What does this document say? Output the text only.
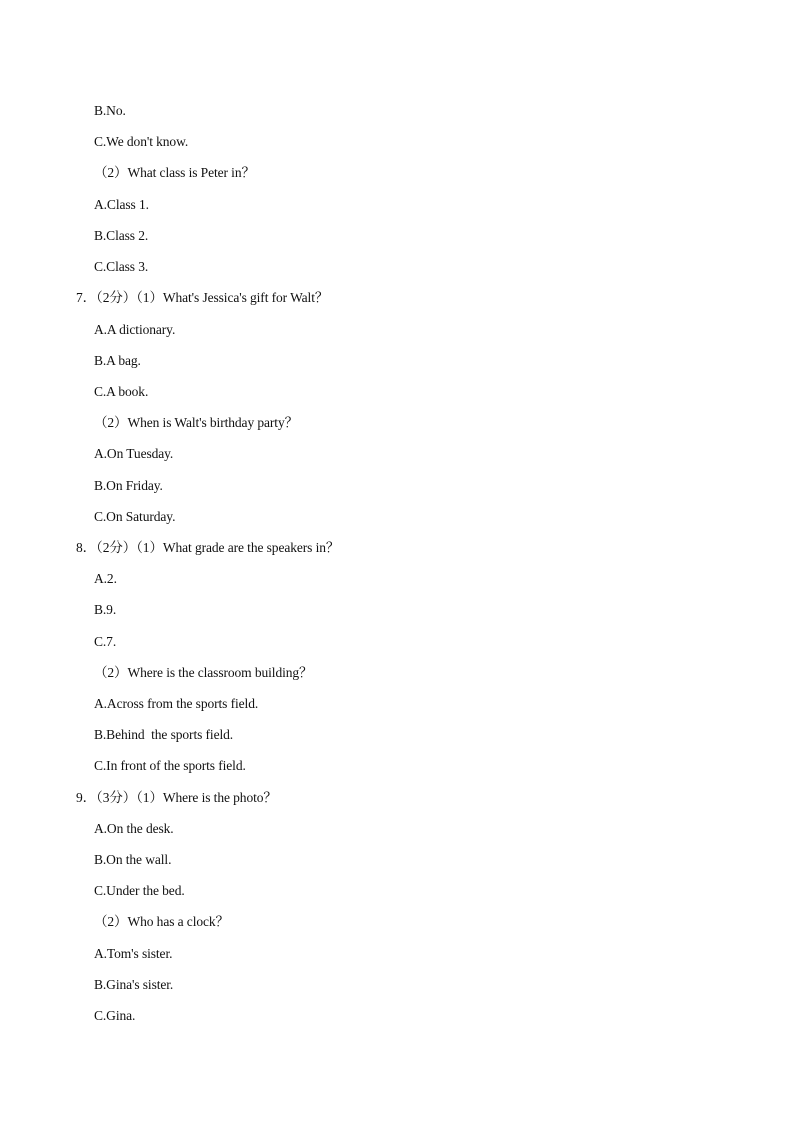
B.No.
C.We don't know.
（2）What class is Peter in？
A.Class 1.
B.Class 2.
C.Class 3.
7．（2分）（1）What's Jessica's gift for Walt？
A.A dictionary.
B.A bag.
C.A book.
（2）When is Walt's birthday party？
A.On Tuesday.
B.On Friday.
C.On Saturday.
8．（2分）（1）What grade are the speakers in？
A.2.
B.9.
C.7.
（2）Where is the classroom building？
A.Across from the sports field.
B.Behind  the sports field.
C.In front of the sports field.
9．（3分）（1）Where is the photo？
A.On the desk.
B.On the wall.
C.Under the bed.
（2）Who has a clock？
A.Tom's sister.
B.Gina's sister.
C.Gina.
